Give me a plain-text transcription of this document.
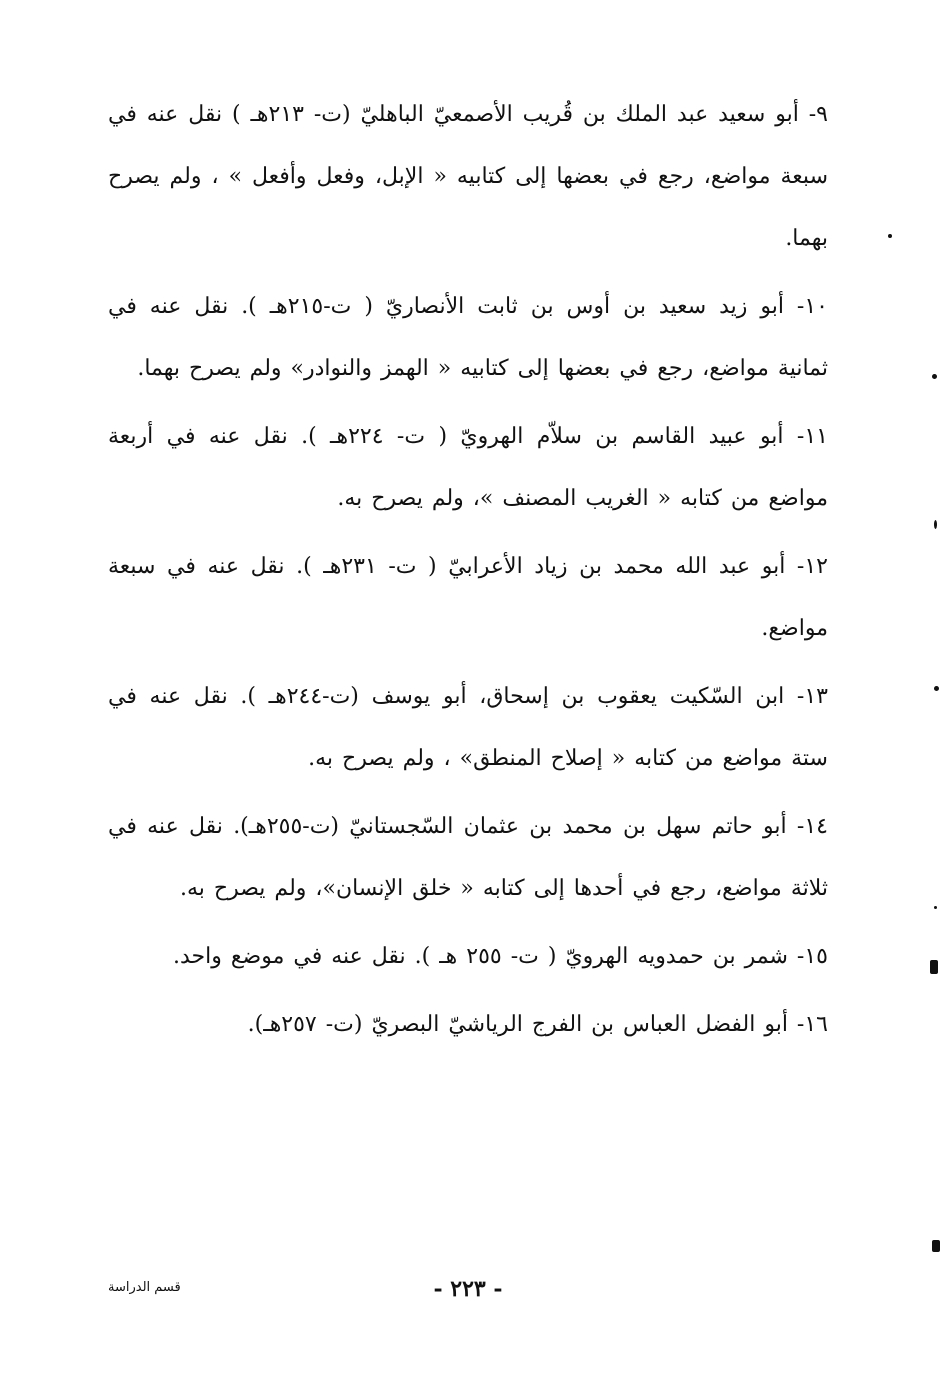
٩- أبو سعيد عبد الملك بن قُريب الأصمعيّ الباهليّ (ت- ٢١٣هـ ) نقل عنه في سبعة مواضع، رجع في بعضها إلى كتابيه « الإبل، وفعل وأفعل » ، ولم يصرح بهما.

١٠- أبو زيد سعيد بن أوس بن ثابت الأنصاريّ ( ت-٢١٥هـ ). نقل عنه في ثمانية مواضع، رجع في بعضها إلى كتابيه « الهمز والنوادر» ولم يصرح بهما.

١١- أبو عبيد القاسم بن سلاّم الهرويّ ( ت- ٢٢٤هـ ). نقل عنه في أربعة مواضع من كتابه « الغريب المصنف »، ولم يصرح به.

١٢- أبو عبد الله محمد بن زياد الأعرابيّ ( ت- ٢٣١هـ ). نقل عنه في سبعة مواضع.

١٣- ابن السّكيت يعقوب بن إسحاق، أبو يوسف (ت-٢٤٤هـ ). نقل عنه في ستة مواضع من كتابه « إصلاح المنطق» ، ولم يصرح به.

١٤- أبو حاتم سهل بن محمد بن عثمان السّجستانيّ (ت-٢٥٥هـ). نقل عنه في ثلاثة مواضع، رجع في أحدها إلى كتابه « خلق الإنسان»، ولم يصرح به.

١٥- شمر بن حمدويه الهرويّ ( ت- ٢٥٥ هـ ). نقل عنه في موضع واحد.

١٦- أبو الفضل العباس بن الفرج الرياشيّ البصريّ (ت- ٢٥٧هـ).

- ٢٢٣ -
قسم الدراسة
